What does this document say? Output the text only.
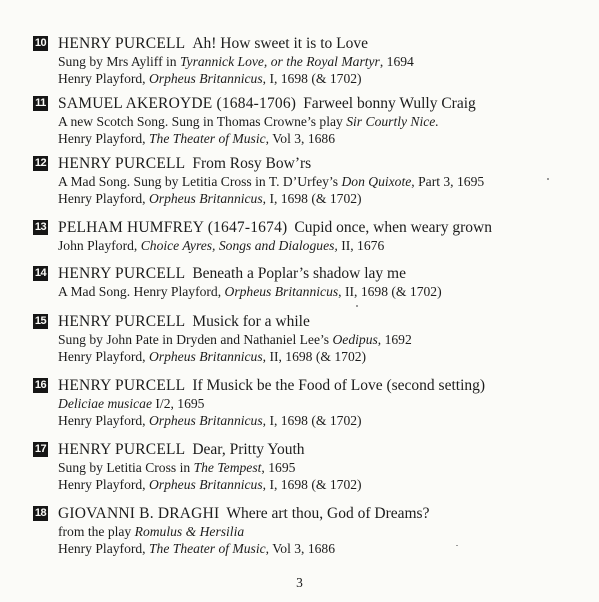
10 HENRY PURCELL Ah! How sweet it is to Love
Sung by Mrs Ayliff in Tyrannick Love, or the Royal Martyr, 1694
Henry Playford, Orpheus Britannicus, I, 1698 (& 1702)
11 SAMUEL AKEROYDE (1684-1706) Farweel bonny Wully Craig
A new Scotch Song. Sung in Thomas Crowne’s play Sir Courtly Nice.
Henry Playford, The Theater of Music, Vol 3, 1686
12 HENRY PURCELL From Rosy Bow’rs
A Mad Song. Sung by Letitia Cross in T. D’Urfey’s Don Quixote, Part 3, 1695
Henry Playford, Orpheus Britannicus, I, 1698 (& 1702)
13 PELHAM HUMFREY (1647-1674) Cupid once, when weary grown
John Playford, Choice Ayres, Songs and Dialogues, II, 1676
14 HENRY PURCELL Beneath a Poplar’s shadow lay me
A Mad Song. Henry Playford, Orpheus Britannicus, II, 1698 (& 1702)
15 HENRY PURCELL Musick for a while
Sung by John Pate in Dryden and Nathaniel Lee’s Oedipus, 1692
Henry Playford, Orpheus Britannicus, II, 1698 (& 1702)
16 HENRY PURCELL If Musick be the Food of Love (second setting)
Deliciae musicae I/2, 1695
Henry Playford, Orpheus Britannicus, I, 1698 (& 1702)
17 HENRY PURCELL Dear, Pritty Youth
Sung by Letitia Cross in The Tempest, 1695
Henry Playford, Orpheus Britannicus, I, 1698 (& 1702)
18 GIOVANNI B. DRAGHI Where art thou, God of Dreams?
from the play Romulus & Hersilia
Henry Playford, The Theater of Music, Vol 3, 1686
3
